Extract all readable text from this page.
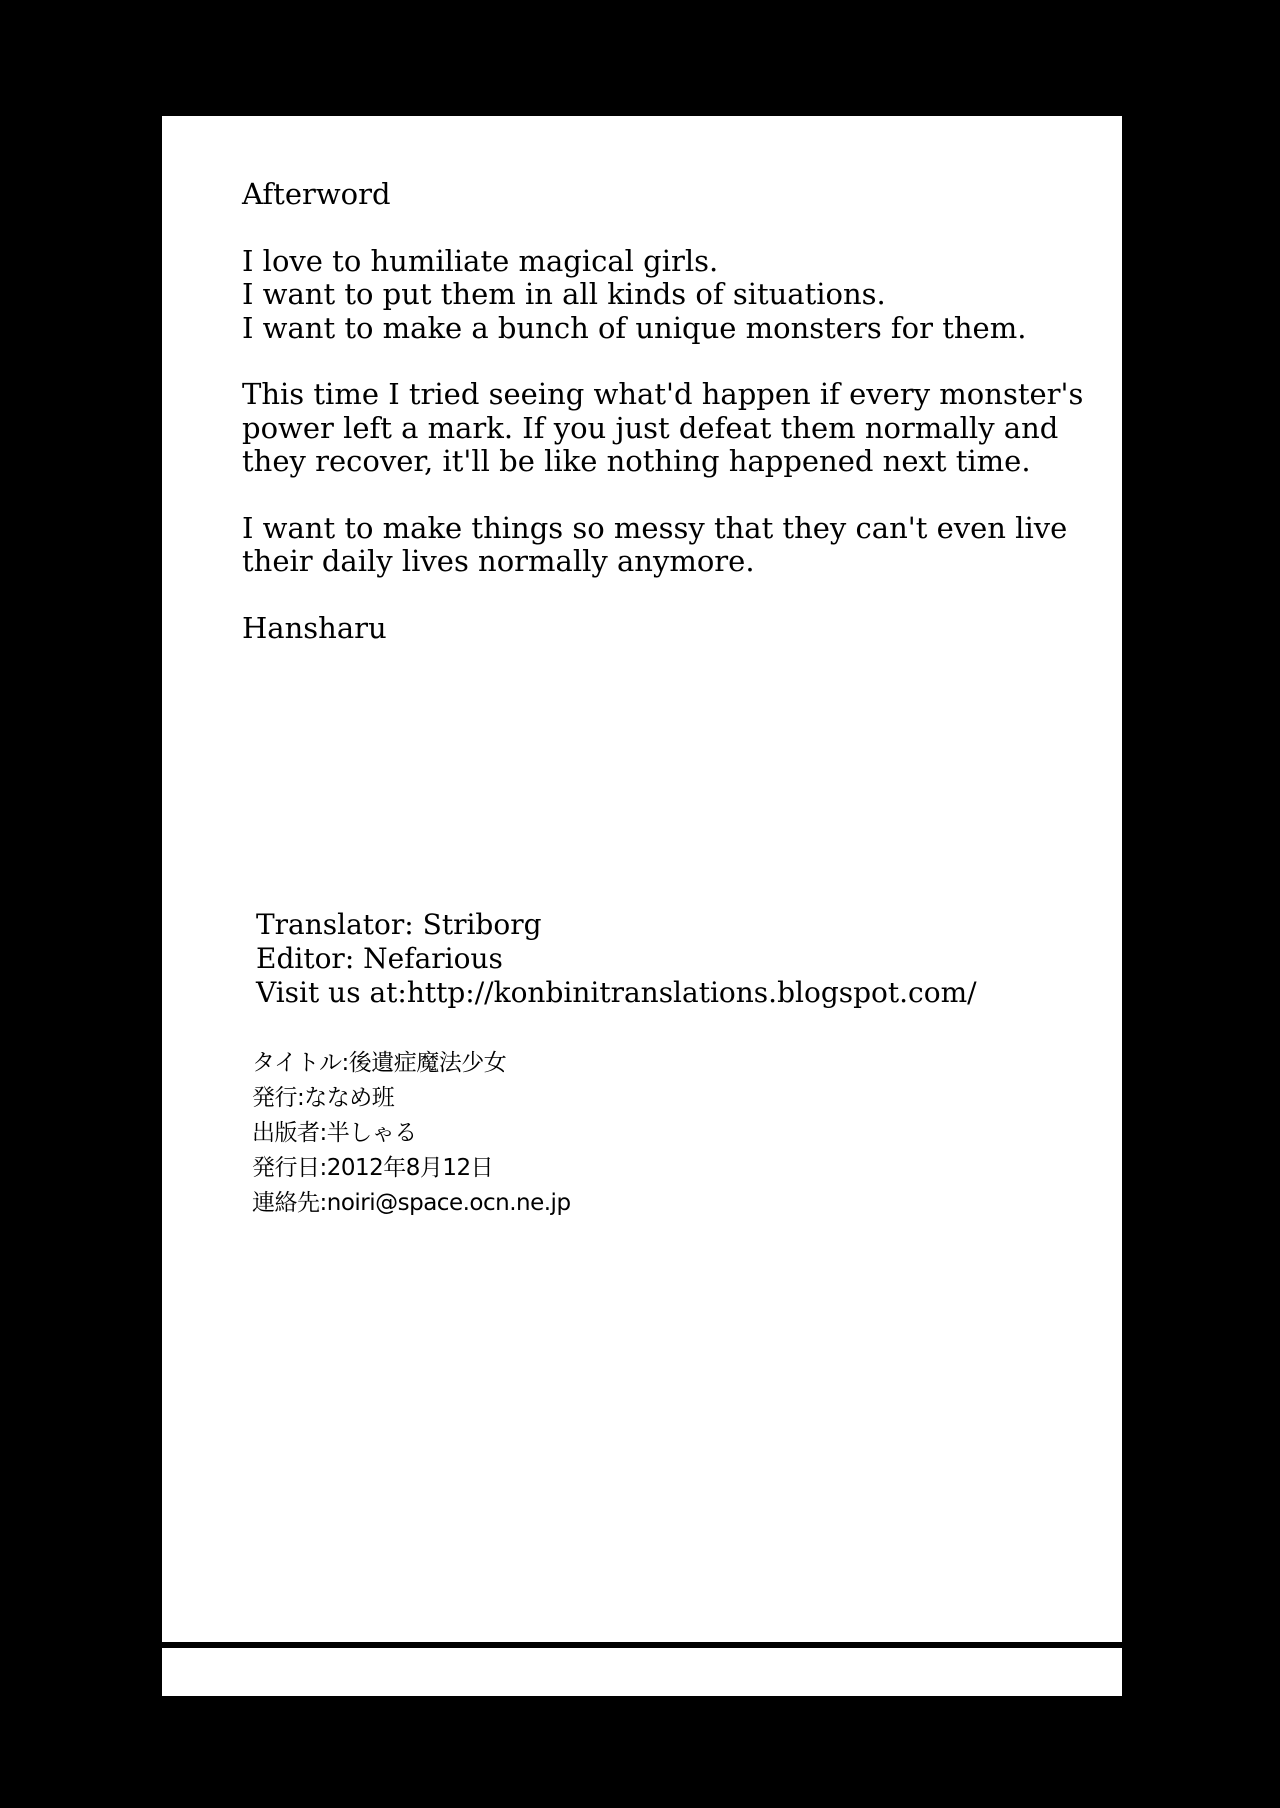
Afterword

I love to humiliate magical girls.
I want to put them in all kinds of situations.
I want to make a bunch of unique monsters for them.

This time I tried seeing what'd happen if every monster's
power left a mark. If you just defeat them normally and
they recover, it'll be like nothing happened next time.

I want to make things so messy that they can't even live
their daily lives normally anymore.

Hansharu

Translator: Striborg
Editor: Nefarious
Visit us at:http://konbinitranslations.blogspot.com/
タイトル:後遺症魔法少女
発行:ななめ班
出版者:半しゃる
発行日:2012年8月12日
連絡先:noiri@space.ocn.ne.jp
